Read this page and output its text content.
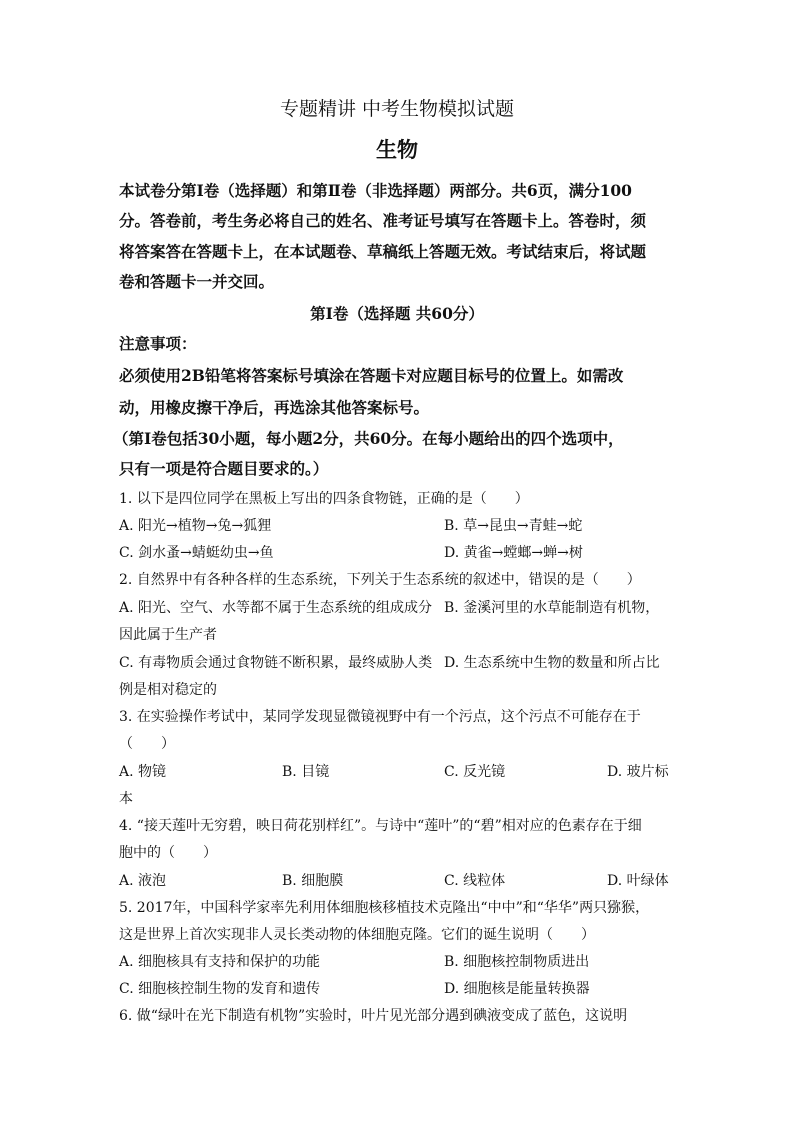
专题精讲 中考生物模拟试题
生物
本试卷分第Ⅰ卷（选择题）和第Ⅱ卷（非选择题）两部分。共6页，满分100
分。答卷前，考生务必将自己的姓名、准考证号填写在答题卡上。答卷时，须
将答案答在答题卡上，在本试题卷、草稿纸上答题无效。考试结束后，将试题
卷和答题卡一并交回。
第Ⅰ卷（选择题 共60分）
注意事项：
必须使用2B铅笔将答案标号填涂在答题卡对应题目标号的位置上。如需改
动，用橡皮擦干净后，再选涂其他答案标号。
（第Ⅰ卷包括30小题，每小题2分，共60分。在每小题给出的四个选项中，
只有一项是符合题目要求的。）
1. 以下是四位同学在黑板上写出的四条食物链，正确的是（　　）
A. 阳光→植物→兔→狐狸	B. 草→昆虫→青蛙→蛇
C. 剑水蚤→蜻蜓幼虫→鱼	D. 黄雀→螳螂→蝉→树
2. 自然界中有各种各样的生态系统，下列关于生态系统的叙述中，错误的是（　　）
A. 阳光、空气、水等都不属于生态系统的组成成分 B. 釜溪河里的水草能制造有机物，
因此属于生产者
C. 有毒物质会通过食物链不断积累，最终威胁人类 D. 生态系统中生物的数量和所占比
例是相对稳定的
3. 在实验操作考试中，某同学发现显微镜视野中有一个污点，这个污点不可能存在于
（　　）
A. 物镜	B. 目镜	C. 反光镜	D. 玻片标
本
4. “接天莲叶无穷碧，映日荷花别样红”。与诗中“莲叶”的“碧”相对应的色素存在于细
胞中的（　　）
A. 液泡	B. 细胞膜	C. 线粒体	D. 叶绿体
5. 2017年，中国科学家率先利用体细胞核移植技术克隆出“中中”和“华华”两只猕猴，
这是世界上首次实现非人灵长类动物的体细胞克隆。它们的诞生说明（　　）
A. 细胞核具有支持和保护的功能	B. 细胞核控制物质进出
C. 细胞核控制生物的发育和遗传	D. 细胞核是能量转换器
6. 做“绿叶在光下制造有机物”实验时，叶片见光部分遇到碘液变成了蓝色，这说明
